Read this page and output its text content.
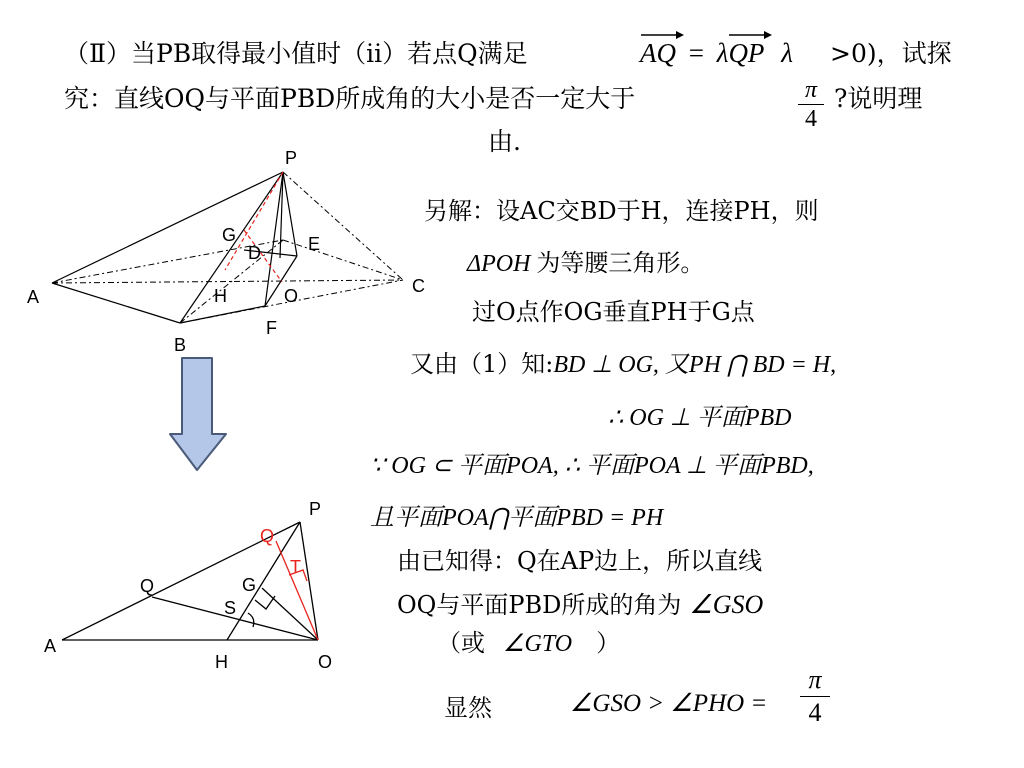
（Ⅱ）当PB取得最小值时（ⅱ）若点Q满足	AQ = λQP λ >0)，试探
究：直线OQ与平面PBD所成角的大小是否一定大于	π
4
?说明理
由.
P
G
D	E
A	H	O	C
F
B
P
Q
T
Q	G
S
A
H	O
另解：设AC交BD于H，连接PH，则
ΔPOH 为等腰三角形。
过O点作OG垂直PH于G点
又由（1）知:BD ⊥ OG, 又PH ⋂ BD = H,
∴ OG ⊥ 平面PBD
∵ OG ⊂ 平面POA, ∴ 平面POA ⊥ 平面PBD,
且平面POA⋂平面PBD = PH
由已知得：Q在AP边上，所以直线
OQ与平面PBD所成的角为 ∠GSO
（或 ∠GTO ）
显然	∠GSO > ∠PHO =
π
4
